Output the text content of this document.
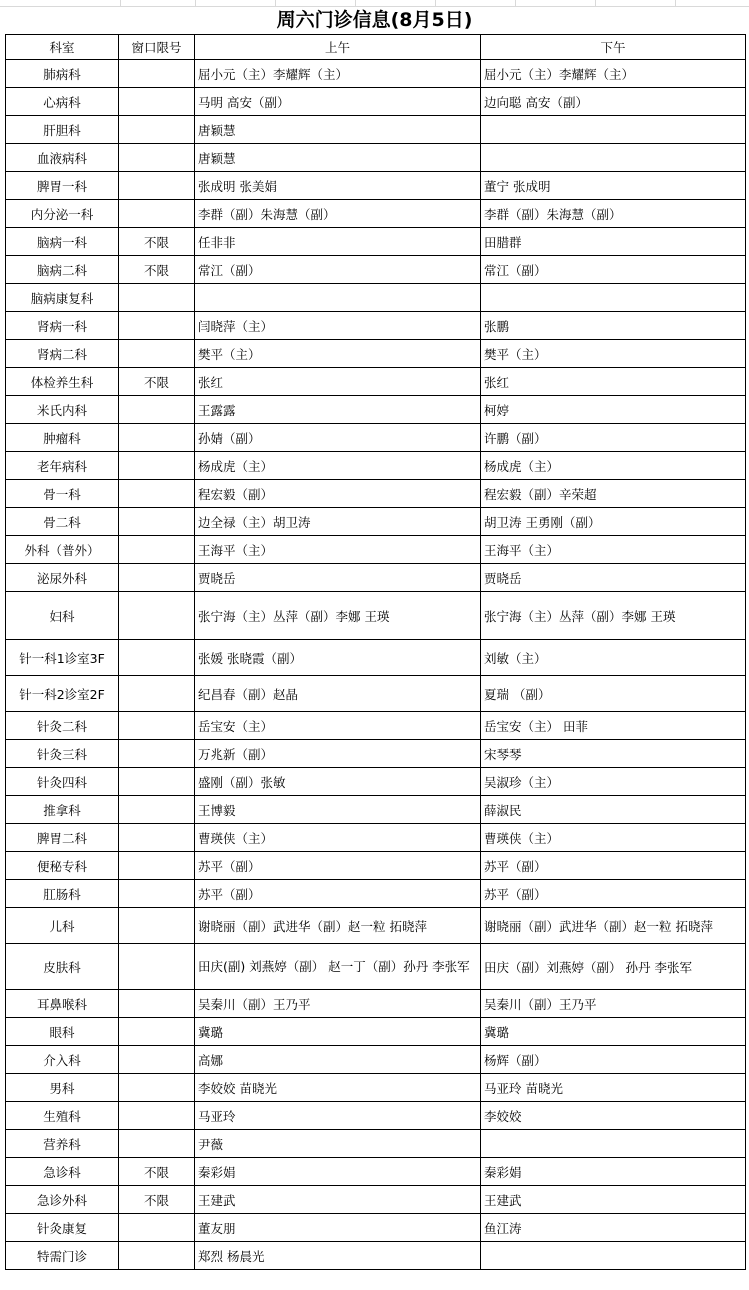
周六门诊信息(8月5日)
科室	窗口限号	上午	下午
肺病科		屈小元（主）李耀辉（主）	屈小元（主）李耀辉（主）
心病科		马明 高安（副）	边向聪 高安（副）
肝胆科		唐颖慧	
血液病科		唐颖慧	
脾胃一科		张成明 张美娟	董宁 张成明
内分泌一科		李群（副）朱海慧（副）	李群（副）朱海慧（副）
脑病一科	不限	任非非	田腊群
脑病二科	不限	常江（副）	常江（副）
脑病康复科			
肾病一科		闫晓萍（主）	张鹏
肾病二科		樊平（主）	樊平（主）
体检养生科	不限	张红	张红
米氏内科		王露露	柯婷
肿瘤科		孙婧（副）	许鹏（副）
老年病科		杨成虎（主）	杨成虎（主）
骨一科		程宏毅（副）	程宏毅（副）辛荣超
骨二科		边全禄（主）胡卫涛	胡卫涛 王勇刚（副）
外科（普外）		王海平（主）	王海平（主）
泌尿外科		贾晓岳	贾晓岳
妇科		张宁海（主）丛萍（副）李娜 王瑛	张宁海（主）丛萍（副）李娜 王瑛
针一科1诊室3F		张媛 张晓霞（副）	刘敏（主）
针一科2诊室2F		纪昌春（副）赵晶	夏瑞 （副）
针灸二科		岳宝安（主）	岳宝安（主） 田菲
针灸三科		万兆新（副）	宋琴琴
针灸四科		盛刚（副）张敏	吴淑珍（主）
推拿科		王博毅	薛淑民
脾胃二科		曹瑛侠（主）	曹瑛侠（主）
便秘专科		苏平（副）	苏平（副）
肛肠科		苏平（副）	苏平（副）
儿科		谢晓丽（副）武进华（副）赵一粒 拓晓萍	谢晓丽（副）武进华（副）赵一粒 拓晓萍
皮肤科		田庆(副) 刘燕婷（副） 赵一丁（副）孙丹 李张军	田庆（副）刘燕婷（副） 孙丹 李张军
耳鼻喉科		吴秦川（副）王乃平	吴秦川（副）王乃平
眼科		冀璐	冀璐
介入科		高娜	杨辉（副）
男科		李姣姣 苗晓光	马亚玲 苗晓光
生殖科		马亚玲	李姣姣
营养科		尹薇	
急诊科	不限	秦彩娟	秦彩娟
急诊外科	不限	王建武	王建武
针灸康复		董友朋	鱼江涛
特需门诊		郑烈 杨晨光	
